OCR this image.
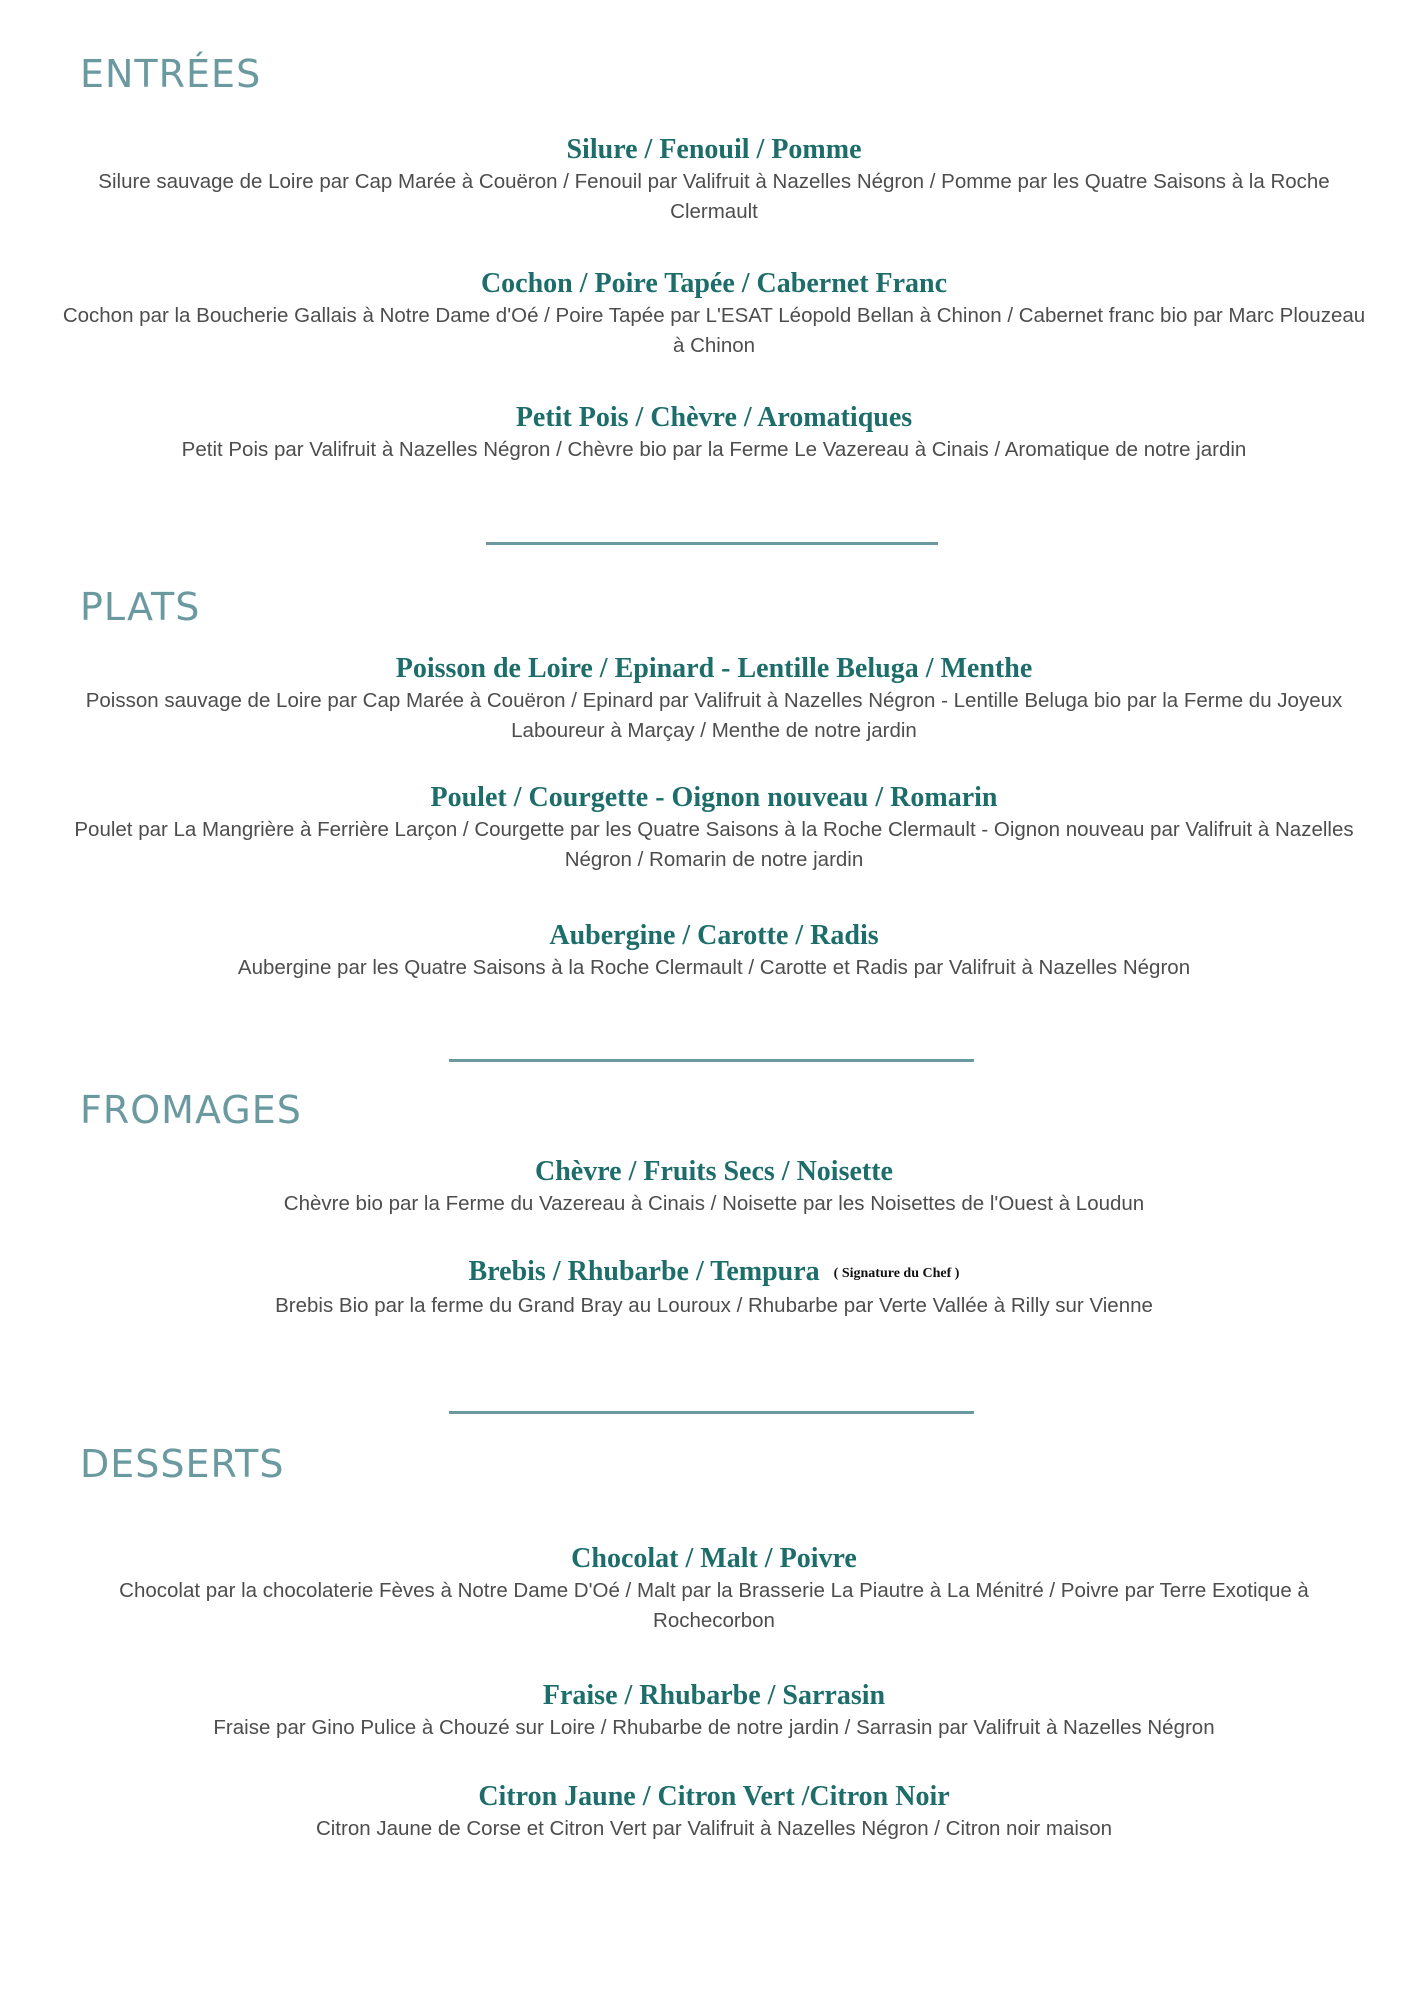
ENTRÉES

Silure / Fenouil / Pomme

Silure sauvage de Loire par Cap Marée à Couëron / Fenouil par Valifruit à Nazelles Négron / Pomme par les Quatre Saisons à la Roche Clermault

Cochon / Poire Tapée / Cabernet Franc

Cochon par la Boucherie Gallais à Notre Dame d'Oé / Poire Tapée par L'ESAT Léopold Bellan à Chinon / Cabernet franc bio par Marc Plouzeau à Chinon

Petit Pois / Chèvre / Aromatiques

Petit Pois par Valifruit à Nazelles Négron / Chèvre bio par la Ferme Le Vazereau à Cinais / Aromatique de notre jardin

PLATS

Poisson de Loire / Epinard - Lentille Beluga / Menthe

Poisson sauvage de Loire par Cap Marée à Couëron / Epinard par Valifruit à Nazelles Négron - Lentille Beluga bio par la Ferme du Joyeux Laboureur à Marçay / Menthe de notre jardin

Poulet / Courgette - Oignon nouveau / Romarin

Poulet par La Mangrière à Ferrière Larçon / Courgette par les Quatre Saisons à la Roche Clermault - Oignon nouveau par Valifruit à Nazelles Négron / Romarin de notre jardin

Aubergine / Carotte / Radis

Aubergine par les Quatre Saisons à la Roche Clermault / Carotte et Radis par Valifruit à Nazelles Négron

FROMAGES

Chèvre / Fruits Secs / Noisette

Chèvre bio par la Ferme du Vazereau à Cinais / Noisette par les Noisettes de l'Ouest à Loudun

Brebis / Rhubarbe / Tempura ( Signature du Chef )

Brebis Bio par la ferme du Grand Bray au Louroux / Rhubarbe par Verte Vallée à Rilly sur Vienne

DESSERTS

Chocolat / Malt / Poivre

Chocolat par la chocolaterie Fèves à Notre Dame D'Oé / Malt par la Brasserie La Piautre à La Ménitré / Poivre par Terre Exotique à Rochecorbon

Fraise / Rhubarbe / Sarrasin

Fraise par Gino Pulice à Chouzé sur Loire / Rhubarbe de notre jardin / Sarrasin par Valifruit à Nazelles Négron

Citron Jaune / Citron Vert /Citron Noir

Citron Jaune de Corse et Citron Vert par Valifruit à Nazelles Négron / Citron noir maison
